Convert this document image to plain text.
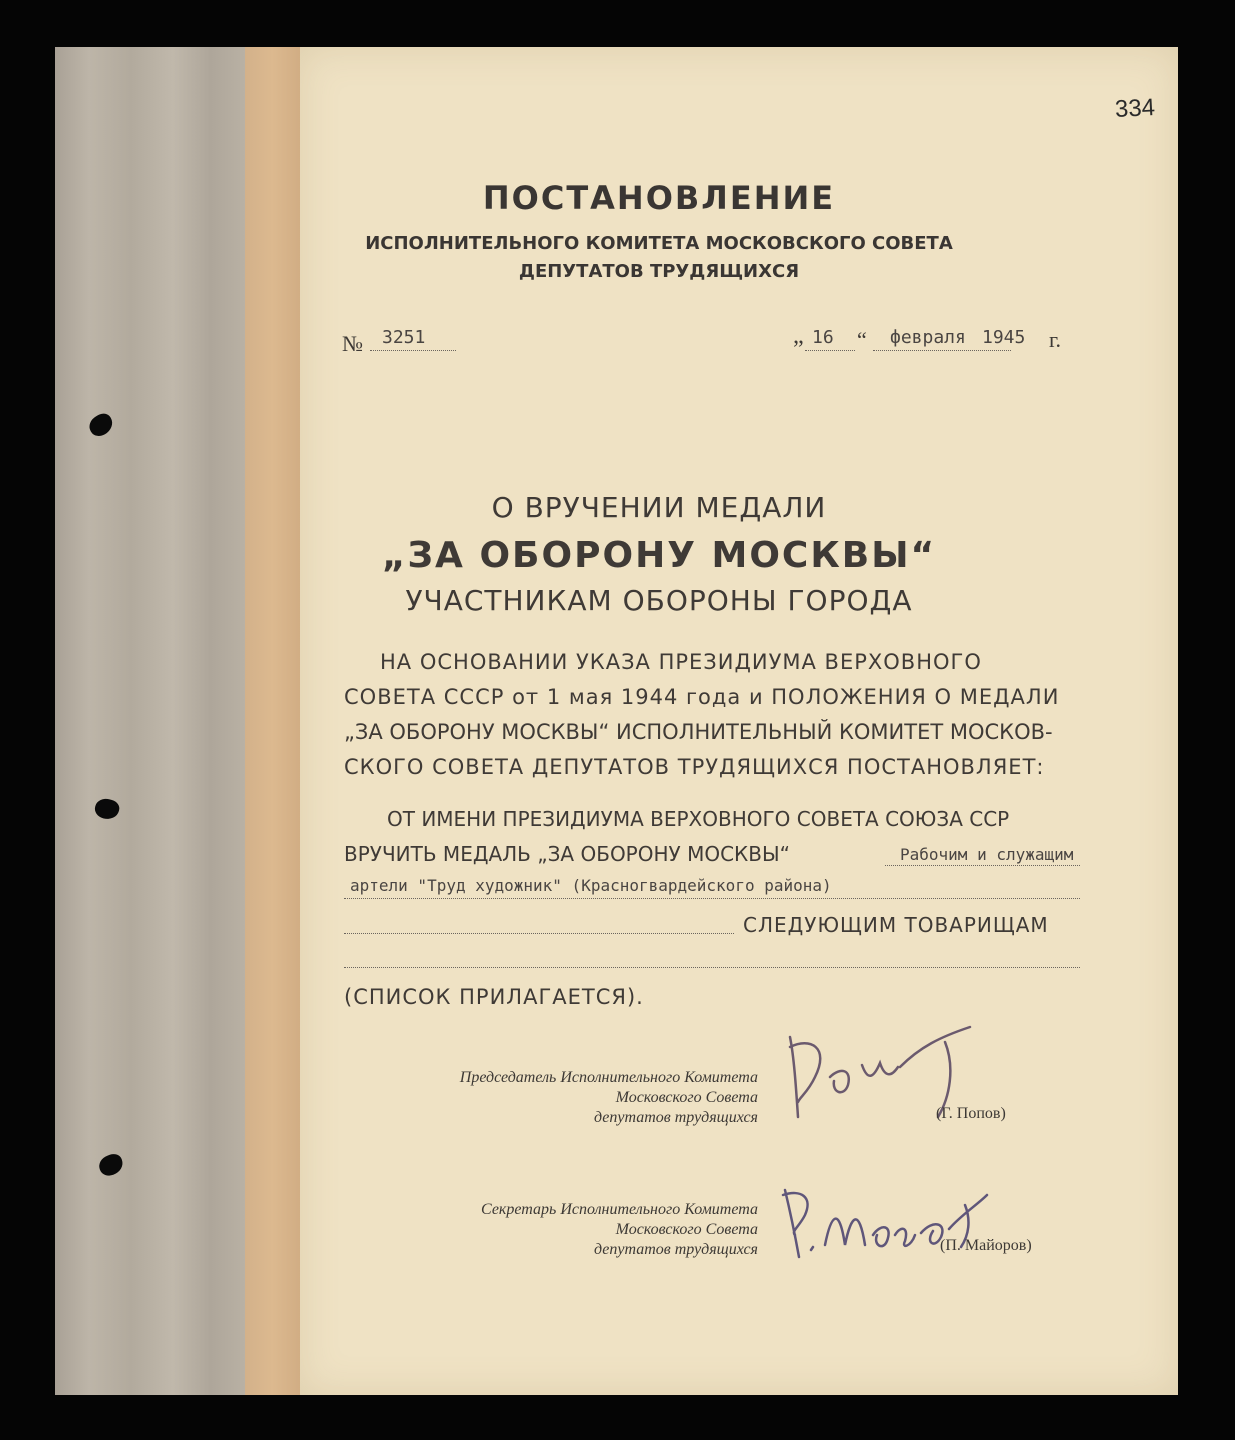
334
ПОСТАНОВЛЕНИЕ
ИСПОЛНИТЕЛЬНОГО КОМИТЕТА МОСКОВСКОГО СОВЕТА
ДЕПУТАТОВ ТРУДЯЩИХСЯ
№ 3251	„ 16 “ февраля 1945 г.
О ВРУЧЕНИИ МЕДАЛИ
„ЗА ОБОРОНУ МОСКВЫ“
УЧАСТНИКАМ ОБОРОНЫ ГОРОДА
НА ОСНОВАНИИ УКАЗА ПРЕЗИДИУМА ВЕРХОВНОГО
СОВЕТА СССР от 1 мая 1944 года и ПОЛОЖЕНИЯ О МЕДАЛИ
„ЗА ОБОРОНУ МОСКВЫ“ ИСПОЛНИТЕЛЬНЫЙ КОМИТЕТ МОСКОВ-
СКОГО СОВЕТА ДЕПУТАТОВ ТРУДЯЩИХСЯ ПОСТАНОВЛЯЕТ:
ОТ ИМЕНИ ПРЕЗИДИУМА ВЕРХОВНОГО СОВЕТА СОЮЗА ССР
ВРУЧИТЬ МЕДАЛЬ „ЗА ОБОРОНУ МОСКВЫ“	Рабочим и служащим
артели "Труд художник" (Красногвардейского района)
СЛЕДУЮЩИМ ТОВАРИЩАМ
(СПИСОК ПРИЛАГАЕТСЯ).
Председатель Исполнительного Комитета
Московского Совета
депутатов трудящихся	(Г. Попов)
Секретарь Исполнительного Комитета
Московского Совета
депутатов трудящихся	(П. Майоров)
